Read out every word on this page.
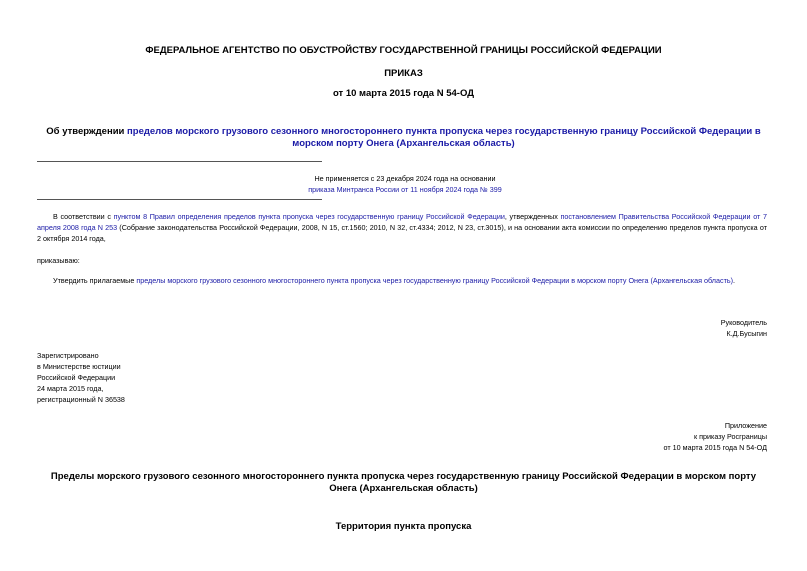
ФЕДЕРАЛЬНОЕ АГЕНТСТВО ПО ОБУСТРОЙСТВУ ГОСУДАРСТВЕННОЙ ГРАНИЦЫ РОССИЙСКОЙ ФЕДЕРАЦИИ
ПРИКАЗ
от 10 марта 2015 года N 54-ОД
Об утверждении пределов морского грузового сезонного многостороннего пункта пропуска через государственную границу Российской Федерации в морском порту Онега (Архангельская область)
Не применяется с 23 декабря 2024 года на основании
приказа Минтранса России от 11 ноября 2024 года № 399
В соответствии с пунктом 8 Правил определения пределов пункта пропуска через государственную границу Российской Федерации, утвержденных постановлением Правительства Российской Федерации от 7 апреля 2008 года N 253 (Собрание законодательства Российской Федерации, 2008, N 15, ст.1560; 2010, N 32, ст.4334; 2012, N 23, ст.3015), и на основании акта комиссии по определению пределов пункта пропуска от 2 октября 2014 года,
приказываю:
Утвердить прилагаемые пределы морского грузового сезонного многостороннего пункта пропуска через государственную границу Российской Федерации в морском порту Онега (Архангельская область).
Руководитель
К.Д.Бусыгин
Зарегистрировано
в Министерстве юстиции
Российской Федерации
24 марта 2015 года,
регистрационный N 36538
Приложение
к приказу Росграницы
от 10 марта 2015 года N 54-ОД
Пределы морского грузового сезонного многостороннего пункта пропуска через государственную границу Российской Федерации в морском порту Онега (Архангельская область)
Территория пункта пропуска
